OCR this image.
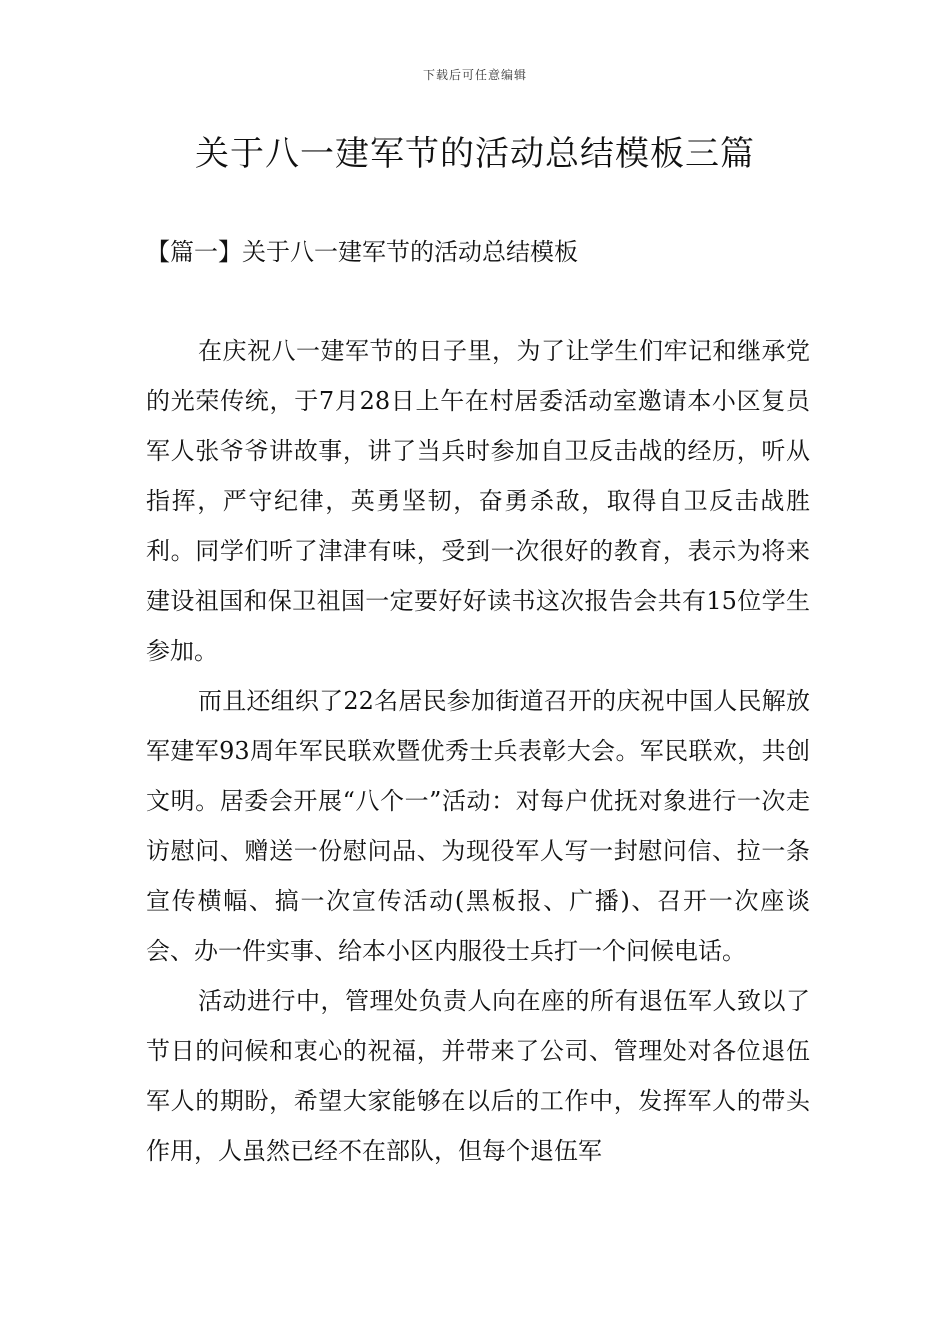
下载后可任意编辑
关于八一建军节的活动总结模板三篇
【篇一】关于八一建军节的活动总结模板

在庆祝八一建军节的日子里，为了让学生们牢记和继承党的光荣传统，于7月28日上午在村居委活动室邀请本小区复员军人张爷爷讲故事，讲了当兵时参加自卫反击战的经历，听从指挥，严守纪律，英勇坚韧，奋勇杀敌，取得自卫反击战胜利。同学们听了津津有味，受到一次很好的教育，表示为将来建设祖国和保卫祖国一定要好好读书这次报告会共有15位学生参加。

而且还组织了22名居民参加街道召开的庆祝中国人民解放军建军93周年军民联欢暨优秀士兵表彰大会。军民联欢，共创文明。居委会开展“八个一”活动：对每户优抚对象进行一次走访慰问、赠送一份慰问品、为现役军人写一封慰问信、拉一条宣传横幅、搞一次宣传活动(黑板报、广播)、召开一次座谈会、办一件实事、给本小区内服役士兵打一个问候电话。

活动进行中，管理处负责人向在座的所有退伍军人致以了节日的问候和衷心的祝福，并带来了公司、管理处对各位退伍军人的期盼，希望大家能够在以后的工作中，发挥军人的带头作用，人虽然已经不在部队，但每个退伍军
